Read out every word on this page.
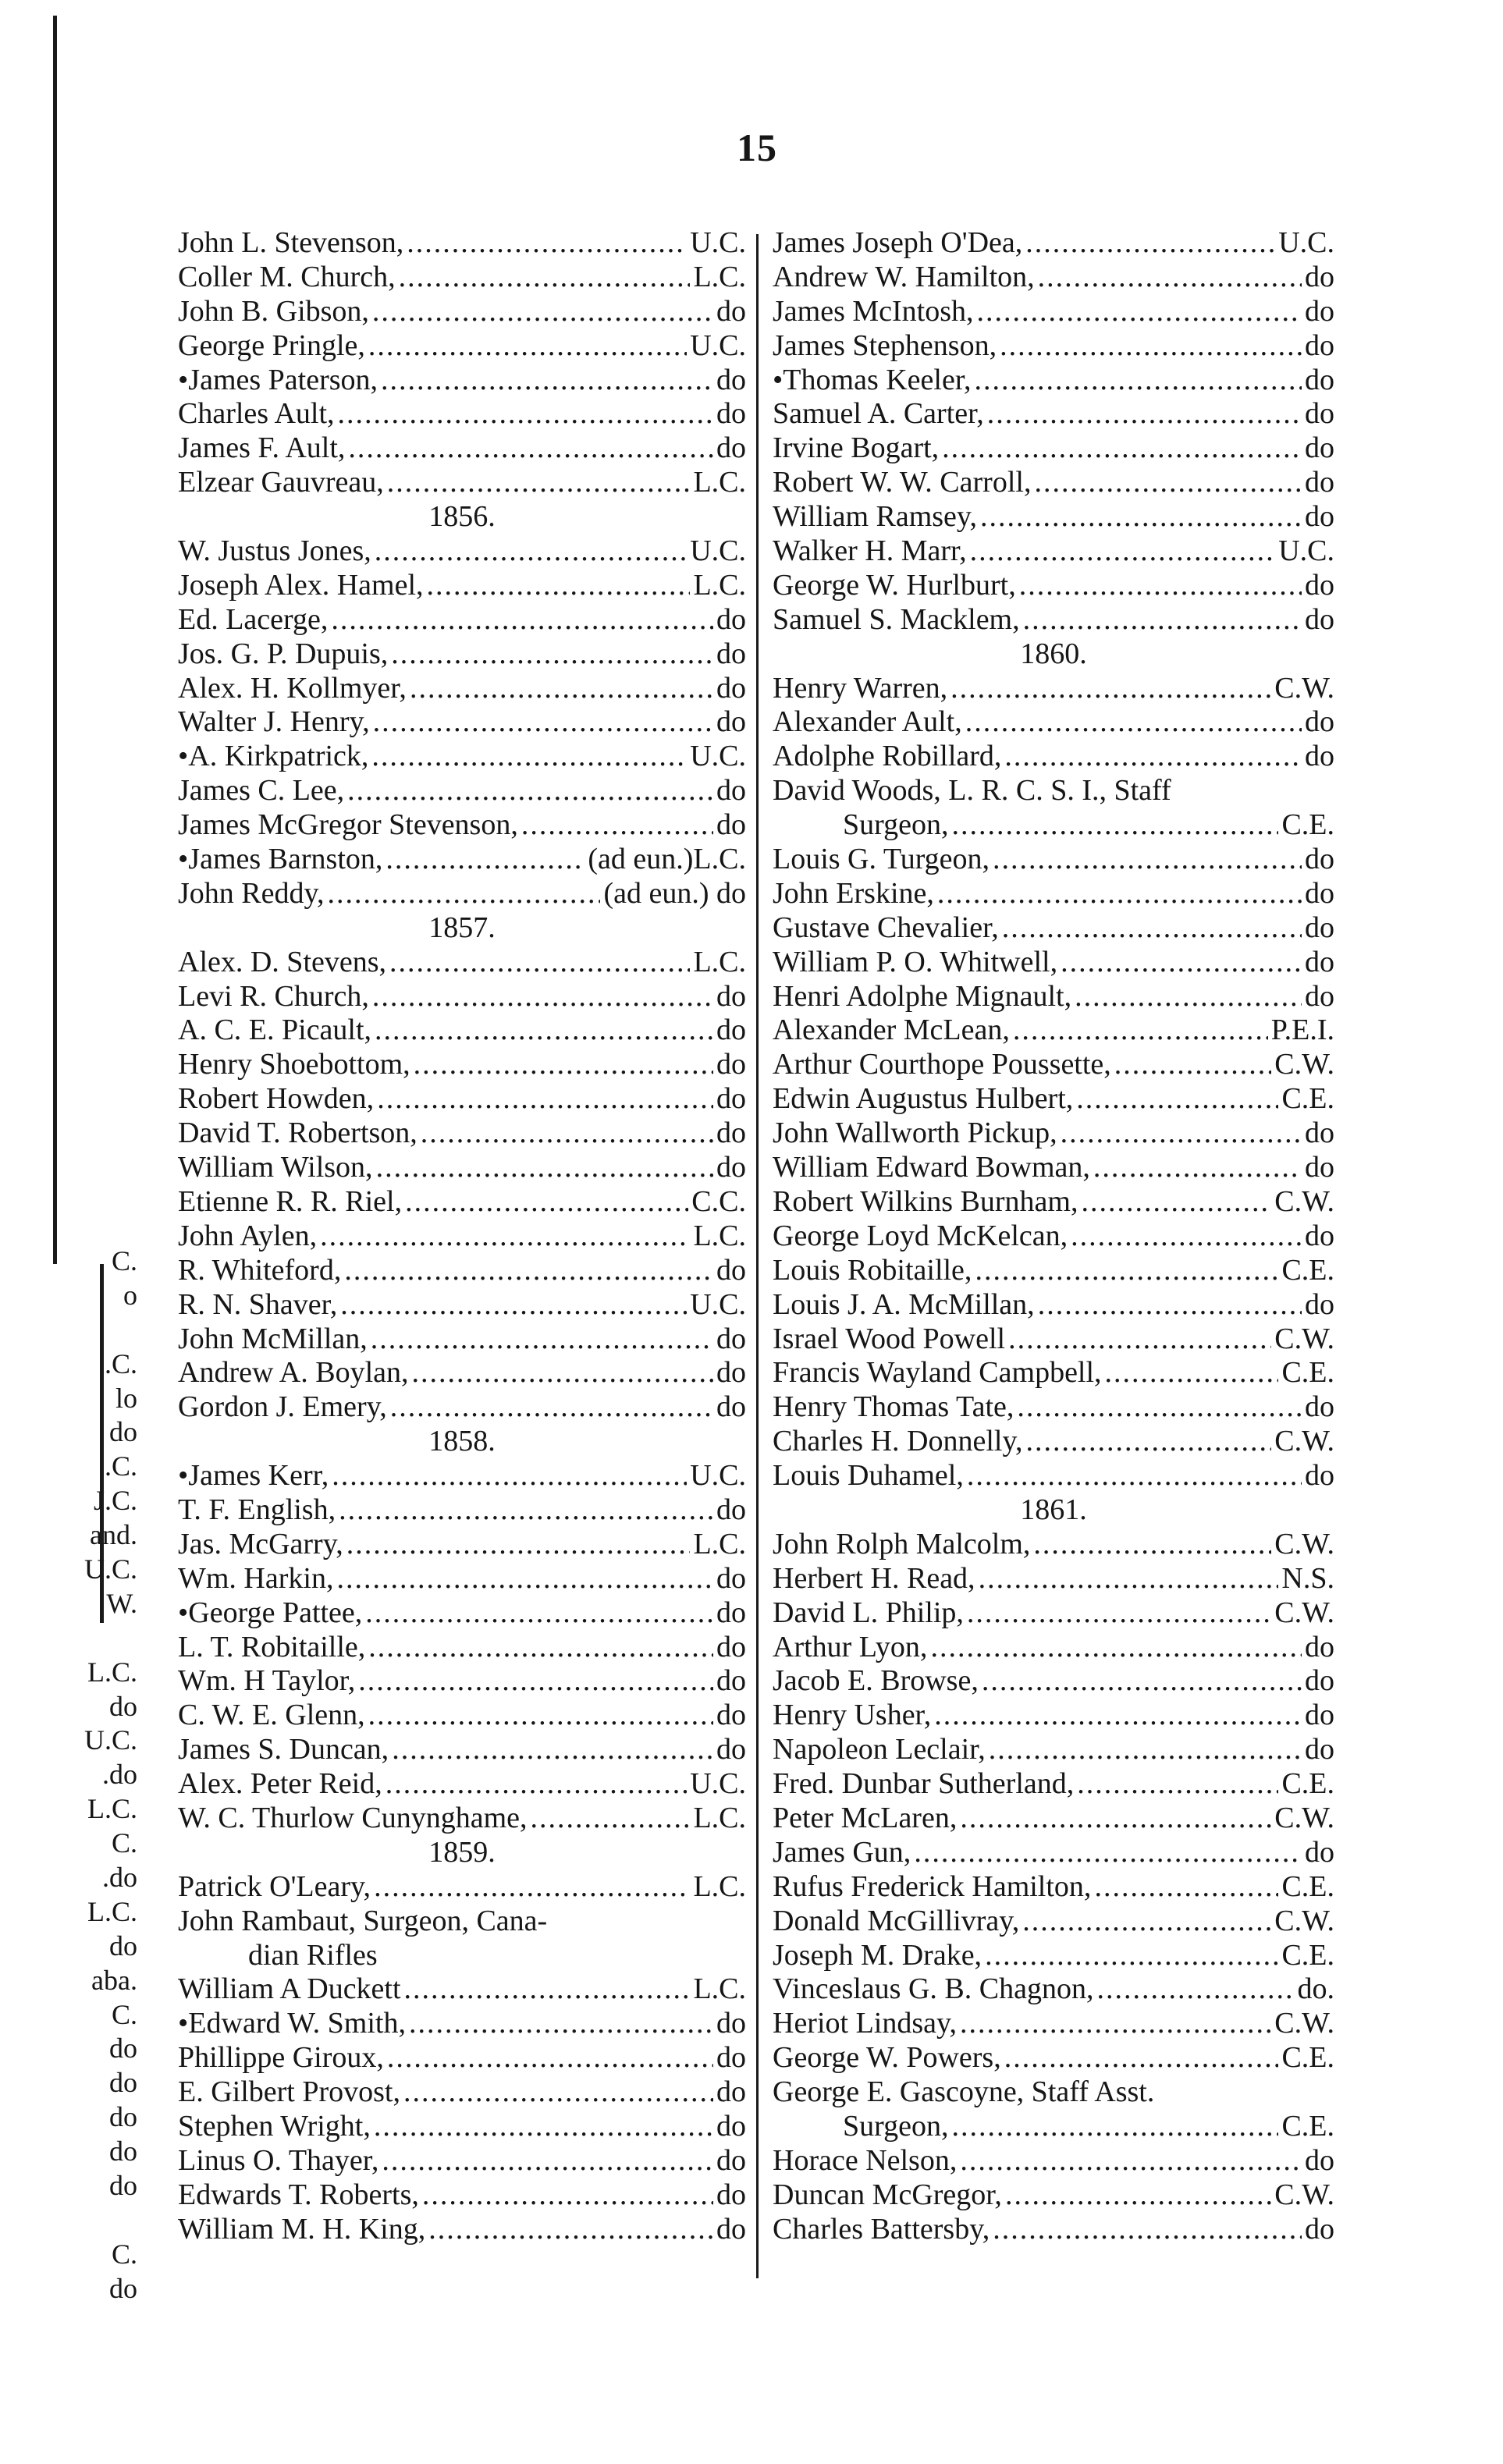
15
C.
o
.C.
lo
do
.C.
J.C.
and.
U.C.
W.
L.C.
do
U.C.
.do
L.C.
C.
.do
L.C.
do
aba.
C.
do
do
do
do
do
C.
do
John L. Stevenson, .....	U.C.
Coller M. Church, .....	L.C.
John B. Gibson, .....	do
George Pringle, .....	U.C.
•James Paterson, .....	do
Charles Ault, .....	do
James F. Ault, .....	do
Elzear Gauvreau, .....	L.C.
1856.
W. Justus Jones, .....	U.C.
Joseph Alex. Hamel, .....	L.C.
Ed. Lacerge, .....	do
Jos. G. P. Dupuis, .....	do
Alex. H. Kollmyer, .....	do
Walter J. Henry, .....	do
•A. Kirkpatrick, .....	U.C.
James C. Lee, .....	do
James McGregor Stevenson, .....	do
•James Barnston, .....	(ad eun.)L.C.
John Reddy, .....	(ad eun.) do
1857.
Alex. D. Stevens, .....	L.C.
Levi R. Church, .....	do
A. C. E. Picault, .....	do
Henry Shoebottom, .....	do
Robert Howden, .....	do
David T. Robertson, .....	do
William Wilson, .....	do
Etienne R. R. Riel, .....	C.C.
John Aylen, .....	L.C.
R. Whiteford, .....	do
R. N. Shaver, .....	U.C.
John McMillan, .....	do
Andrew A. Boylan, .....	do
Gordon J. Emery, .....	do
1858.
•James Kerr, .....	U.C.
T. F. English, .....	do
Jas. McGarry, .....	L.C.
Wm. Harkin, .....	do
•George Pattee, .....	do
L. T. Robitaille, .....	do
Wm. H Taylor, .....	do
C. W. E. Glenn, .....	do
James S. Duncan, .....	do
Alex. Peter Reid, .....	U.C.
W. C. Thurlow Cunynghame, .....	L.C.
1859.
Patrick O'Leary, .....	L.C.
John Rambaut, Surgeon, Cana-
dian Rifles
William A Duckett .....	L.C.
•Edward W. Smith, .....	do
Phillippe Giroux, .....	do
E. Gilbert Provost, .....	do
Stephen Wright, .....	do
Linus O. Thayer, .....	do
Edwards T. Roberts, .....	do
William M. H. King, .....	do
James Joseph O'Dea, .....	U.C.
Andrew W. Hamilton, .....	do
James McIntosh, .....	do
James Stephenson, .....	do
•Thomas Keeler, .....	do
Samuel A. Carter, .....	do
Irvine Bogart, .....	do
Robert W. W. Carroll, .....	do
William Ramsey, .....	do
Walker H. Marr, .....	U.C.
George W. Hurlburt, .....	do
Samuel S. Macklem, .....	do
1860.
Henry Warren, .....	C.W.
Alexander Ault, .....	do
Adolphe Robillard, .....	do
David Woods, L. R. C. S. I., Staff
Surgeon, .....	C.E.
Louis G. Turgeon, .....	do
John Erskine, .....	do
Gustave Chevalier, .....	do
William P. O. Whitwell, .....	do
Henri Adolphe Mignault, .....	do
Alexander McLean, .....	P.E.I.
Arthur Courthope Poussette, .....	C.W.
Edwin Augustus Hulbert, .....	C.E.
John Wallworth Pickup, .....	do
William Edward Bowman, .....	do
Robert Wilkins Burnham, .....	C.W.
George Loyd McKelcan, .....	do
Louis Robitaille, .....	C.E.
Louis J. A. McMillan, .....	do
Israel Wood Powell .....	C.W.
Francis Wayland Campbell, .....	C.E.
Henry Thomas Tate, .....	do
Charles H. Donnelly, .....	C.W.
Louis Duhamel, .....	do
1861.
John Rolph Malcolm, .....	C.W.
Herbert H. Read, .....	N.S.
David L. Philip, .....	C.W.
Arthur Lyon, .....	do
Jacob E. Browse, .....	do
Henry Usher, .....	do
Napoleon Leclair, .....	do
Fred. Dunbar Sutherland, .....	C.E.
Peter McLaren, .....	C.W.
James Gun, .....	do
Rufus Frederick Hamilton, .....	C.E.
Donald McGillivray, .....	C.W.
Joseph M. Drake, .....	C.E.
Vinceslaus G. B. Chagnon, .....	do.
Heriot Lindsay, .....	C.W.
George W. Powers, .....	C.E.
George E. Gascoyne, Staff Asst.
Surgeon, .....	C.E.
Horace Nelson, .....	do
Duncan McGregor, .....	C.W.
Charles Battersby, .....	do
